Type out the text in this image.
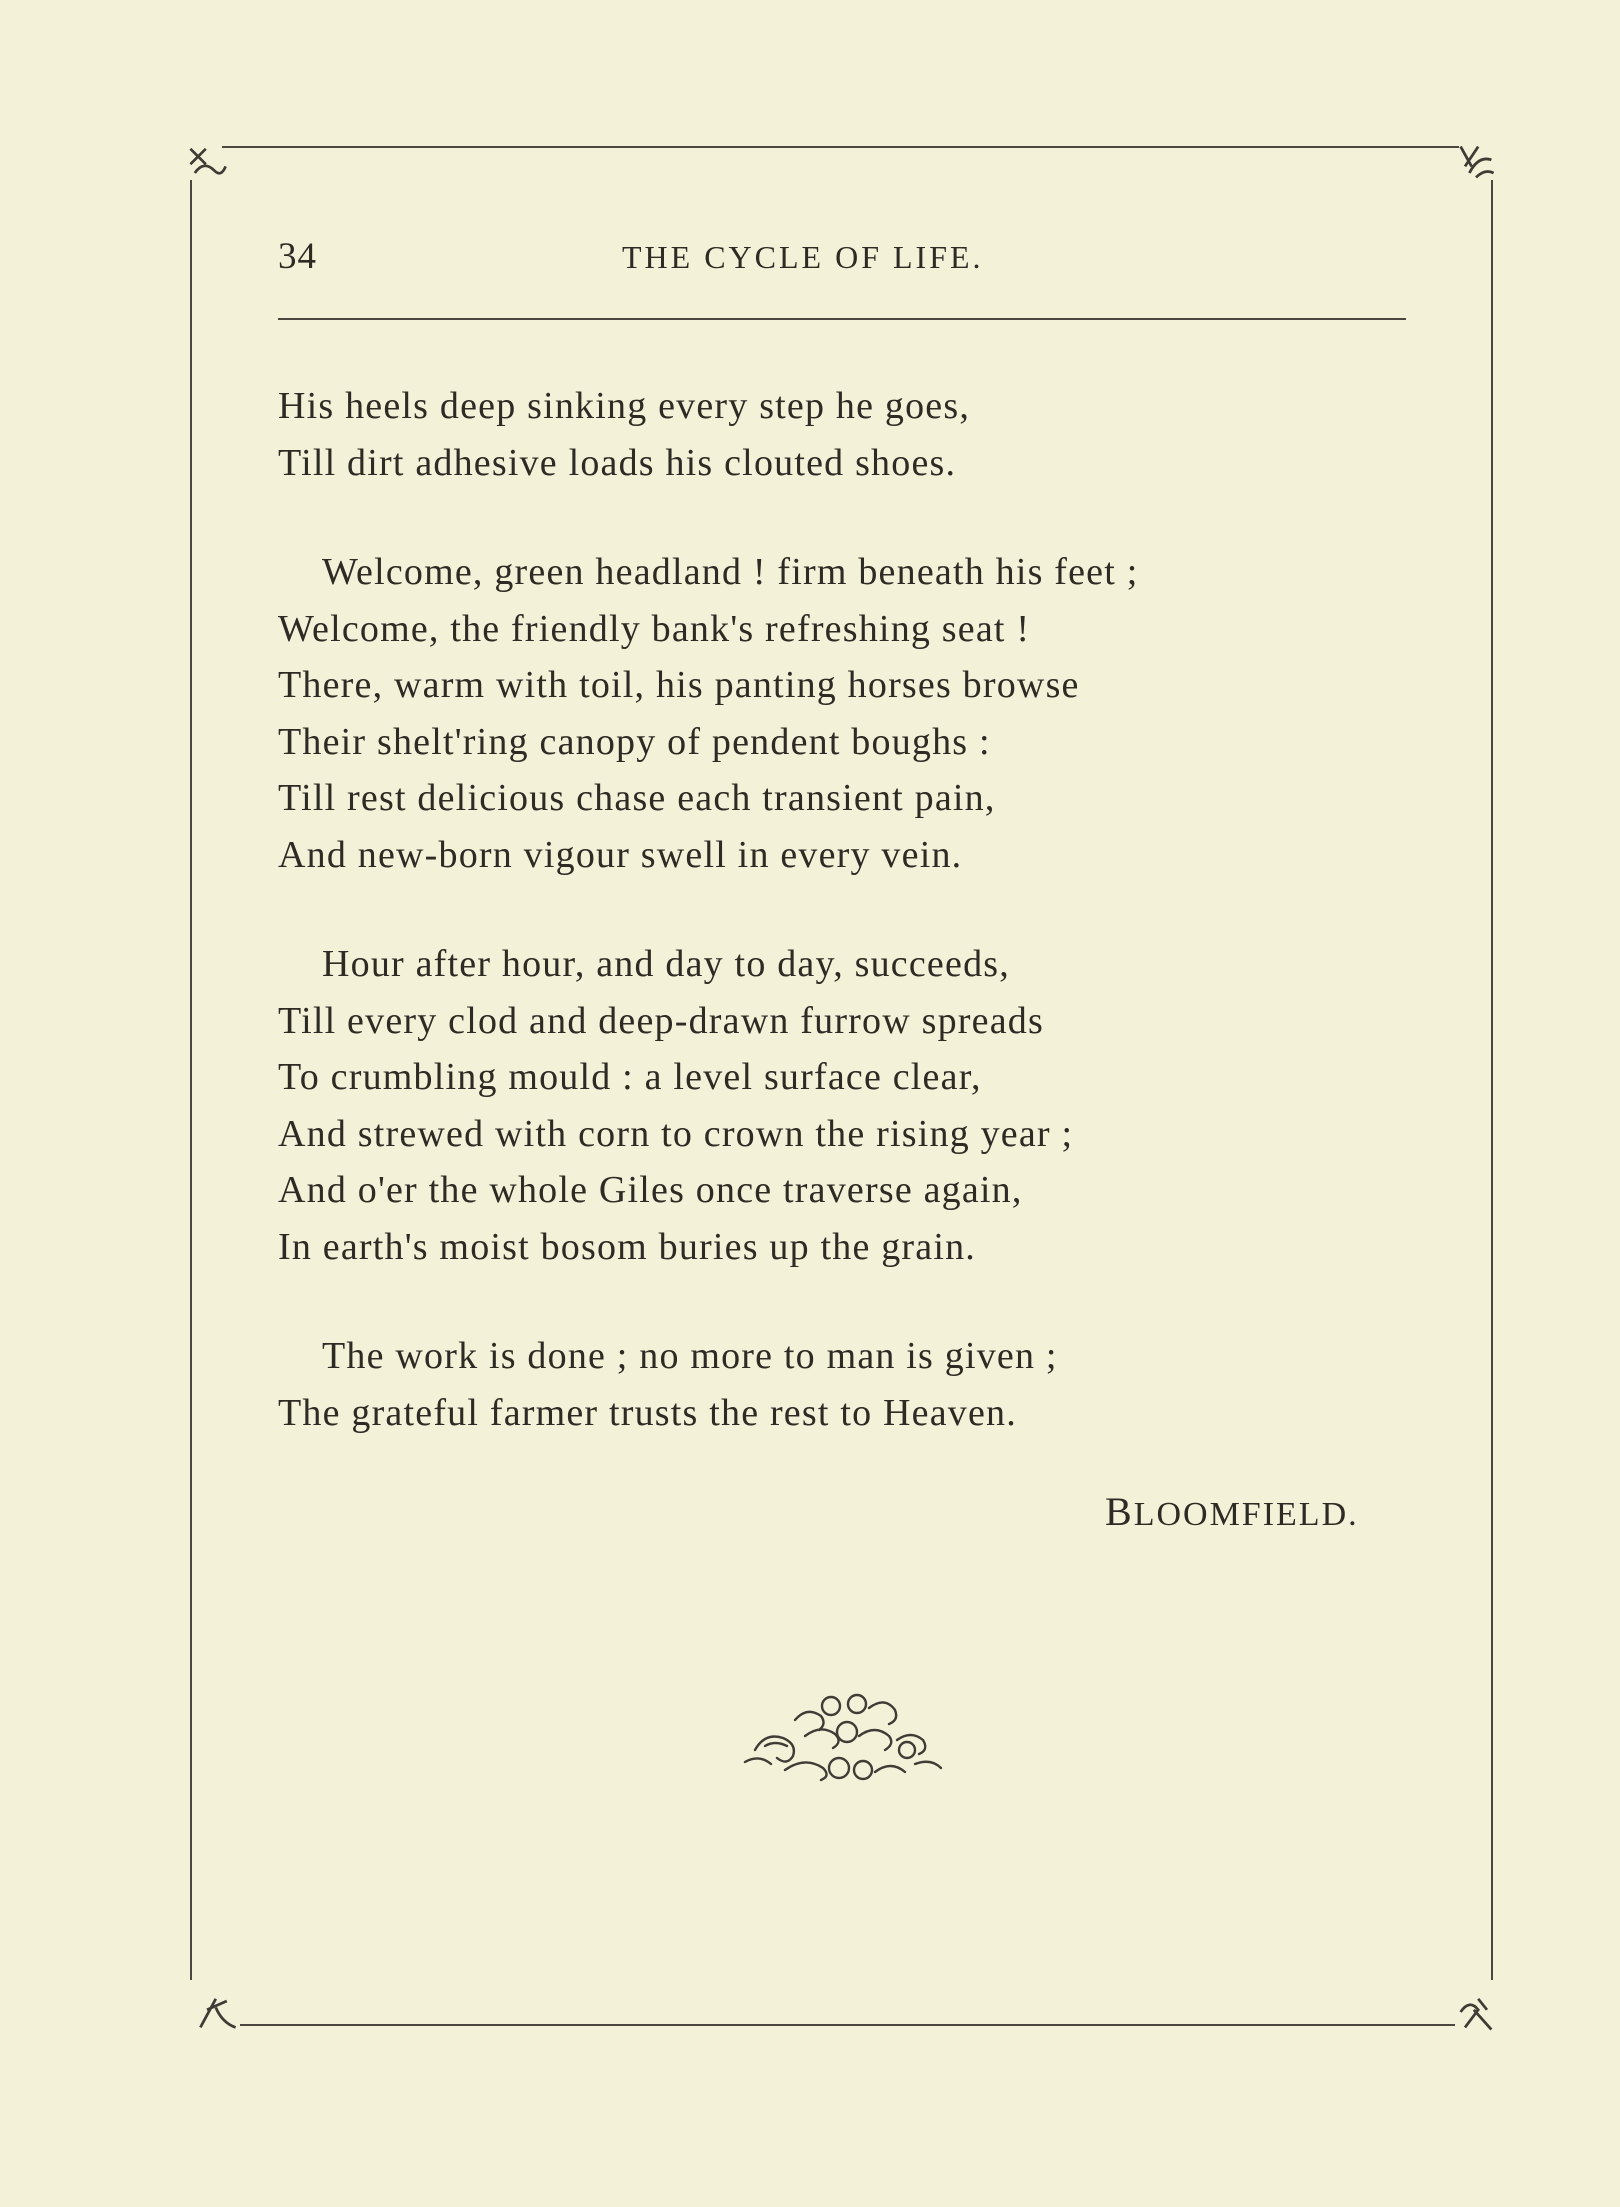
34	THE CYCLE OF LIFE.
His heels deep sinking every step he goes,
Till dirt adhesive loads his clouted shoes.
Welcome, green headland ! firm beneath his feet ;
Welcome, the friendly bank's refreshing seat !
There, warm with toil, his panting horses browse
Their shelt'ring canopy of pendent boughs :
Till rest delicious chase each transient pain,
And new-born vigour swell in every vein.
Hour after hour, and day to day, succeeds,
Till every clod and deep-drawn furrow spreads
To crumbling mould : a level surface clear,
And strewed with corn to crown the rising year ;
And o'er the whole Giles once traverse again,
In earth's moist bosom buries up the grain.
The work is done ; no more to man is given ;
The grateful farmer trusts the rest to Heaven.
BLOOMFIELD.
